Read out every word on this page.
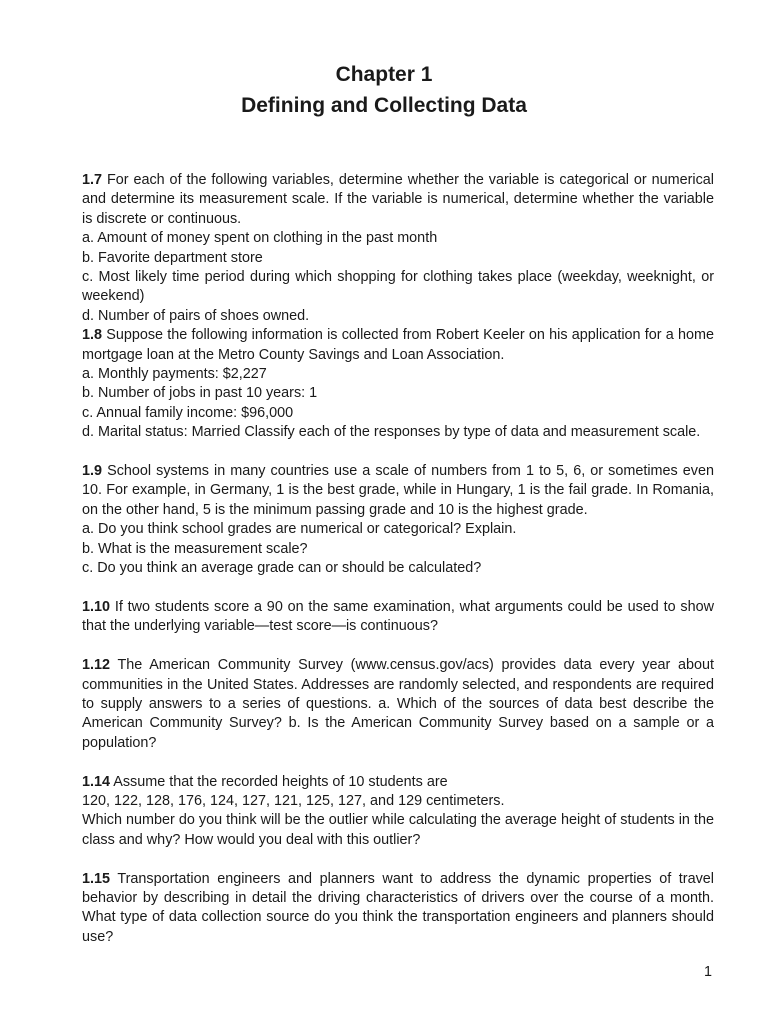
Chapter 1
Defining and Collecting Data

1.7 For each of the following variables, determine whether the variable is categorical or numerical and determine its measurement scale. If the variable is numerical, determine whether the variable is discrete or continuous.

a. Amount of money spent on clothing in the past month

b. Favorite department store

c. Most likely time period during which shopping for clothing takes place (weekday, weeknight, or weekend)

d. Number of pairs of shoes owned.

1.8 Suppose the following information is collected from Robert Keeler on his application for a home mortgage loan at the Metro County Savings and Loan Association.

a. Monthly payments: $2,227

b. Number of jobs in past 10 years: 1

c. Annual family income: $96,000

d. Marital status: Married Classify each of the responses by type of data and measurement scale.

1.9 School systems in many countries use a scale of numbers from 1 to 5, 6, or sometimes even 10. For example, in Germany, 1 is the best grade, while in Hungary, 1 is the fail grade. In Romania, on the other hand, 5 is the minimum passing grade and 10 is the highest grade.

a. Do you think school grades are numerical or categorical? Explain.

b. What is the measurement scale?

c. Do you think an average grade can or should be calculated?

1.10 If two students score a 90 on the same examination, what arguments could be used to show that the underlying variable—test score—is continuous?

1.12 The American Community Survey (www.census.gov/acs) provides data every year about communities in the United States. Addresses are randomly selected, and respondents are required to supply answers to a series of questions. a. Which of the sources of data best describe the American Community Survey? b. Is the American Community Survey based on a sample or a population?

1.14 Assume that the recorded heights of 10 students are

120, 122, 128, 176, 124, 127, 121, 125, 127, and 129 centimeters.

Which number do you think will be the outlier while calculating the average height of students in the class and why? How would you deal with this outlier?

1.15 Transportation engineers and planners want to address the dynamic properties of travel behavior by describing in detail the driving characteristics of drivers over the course of a month. What type of data collection source do you think the transportation engineers and planners should use?

1
